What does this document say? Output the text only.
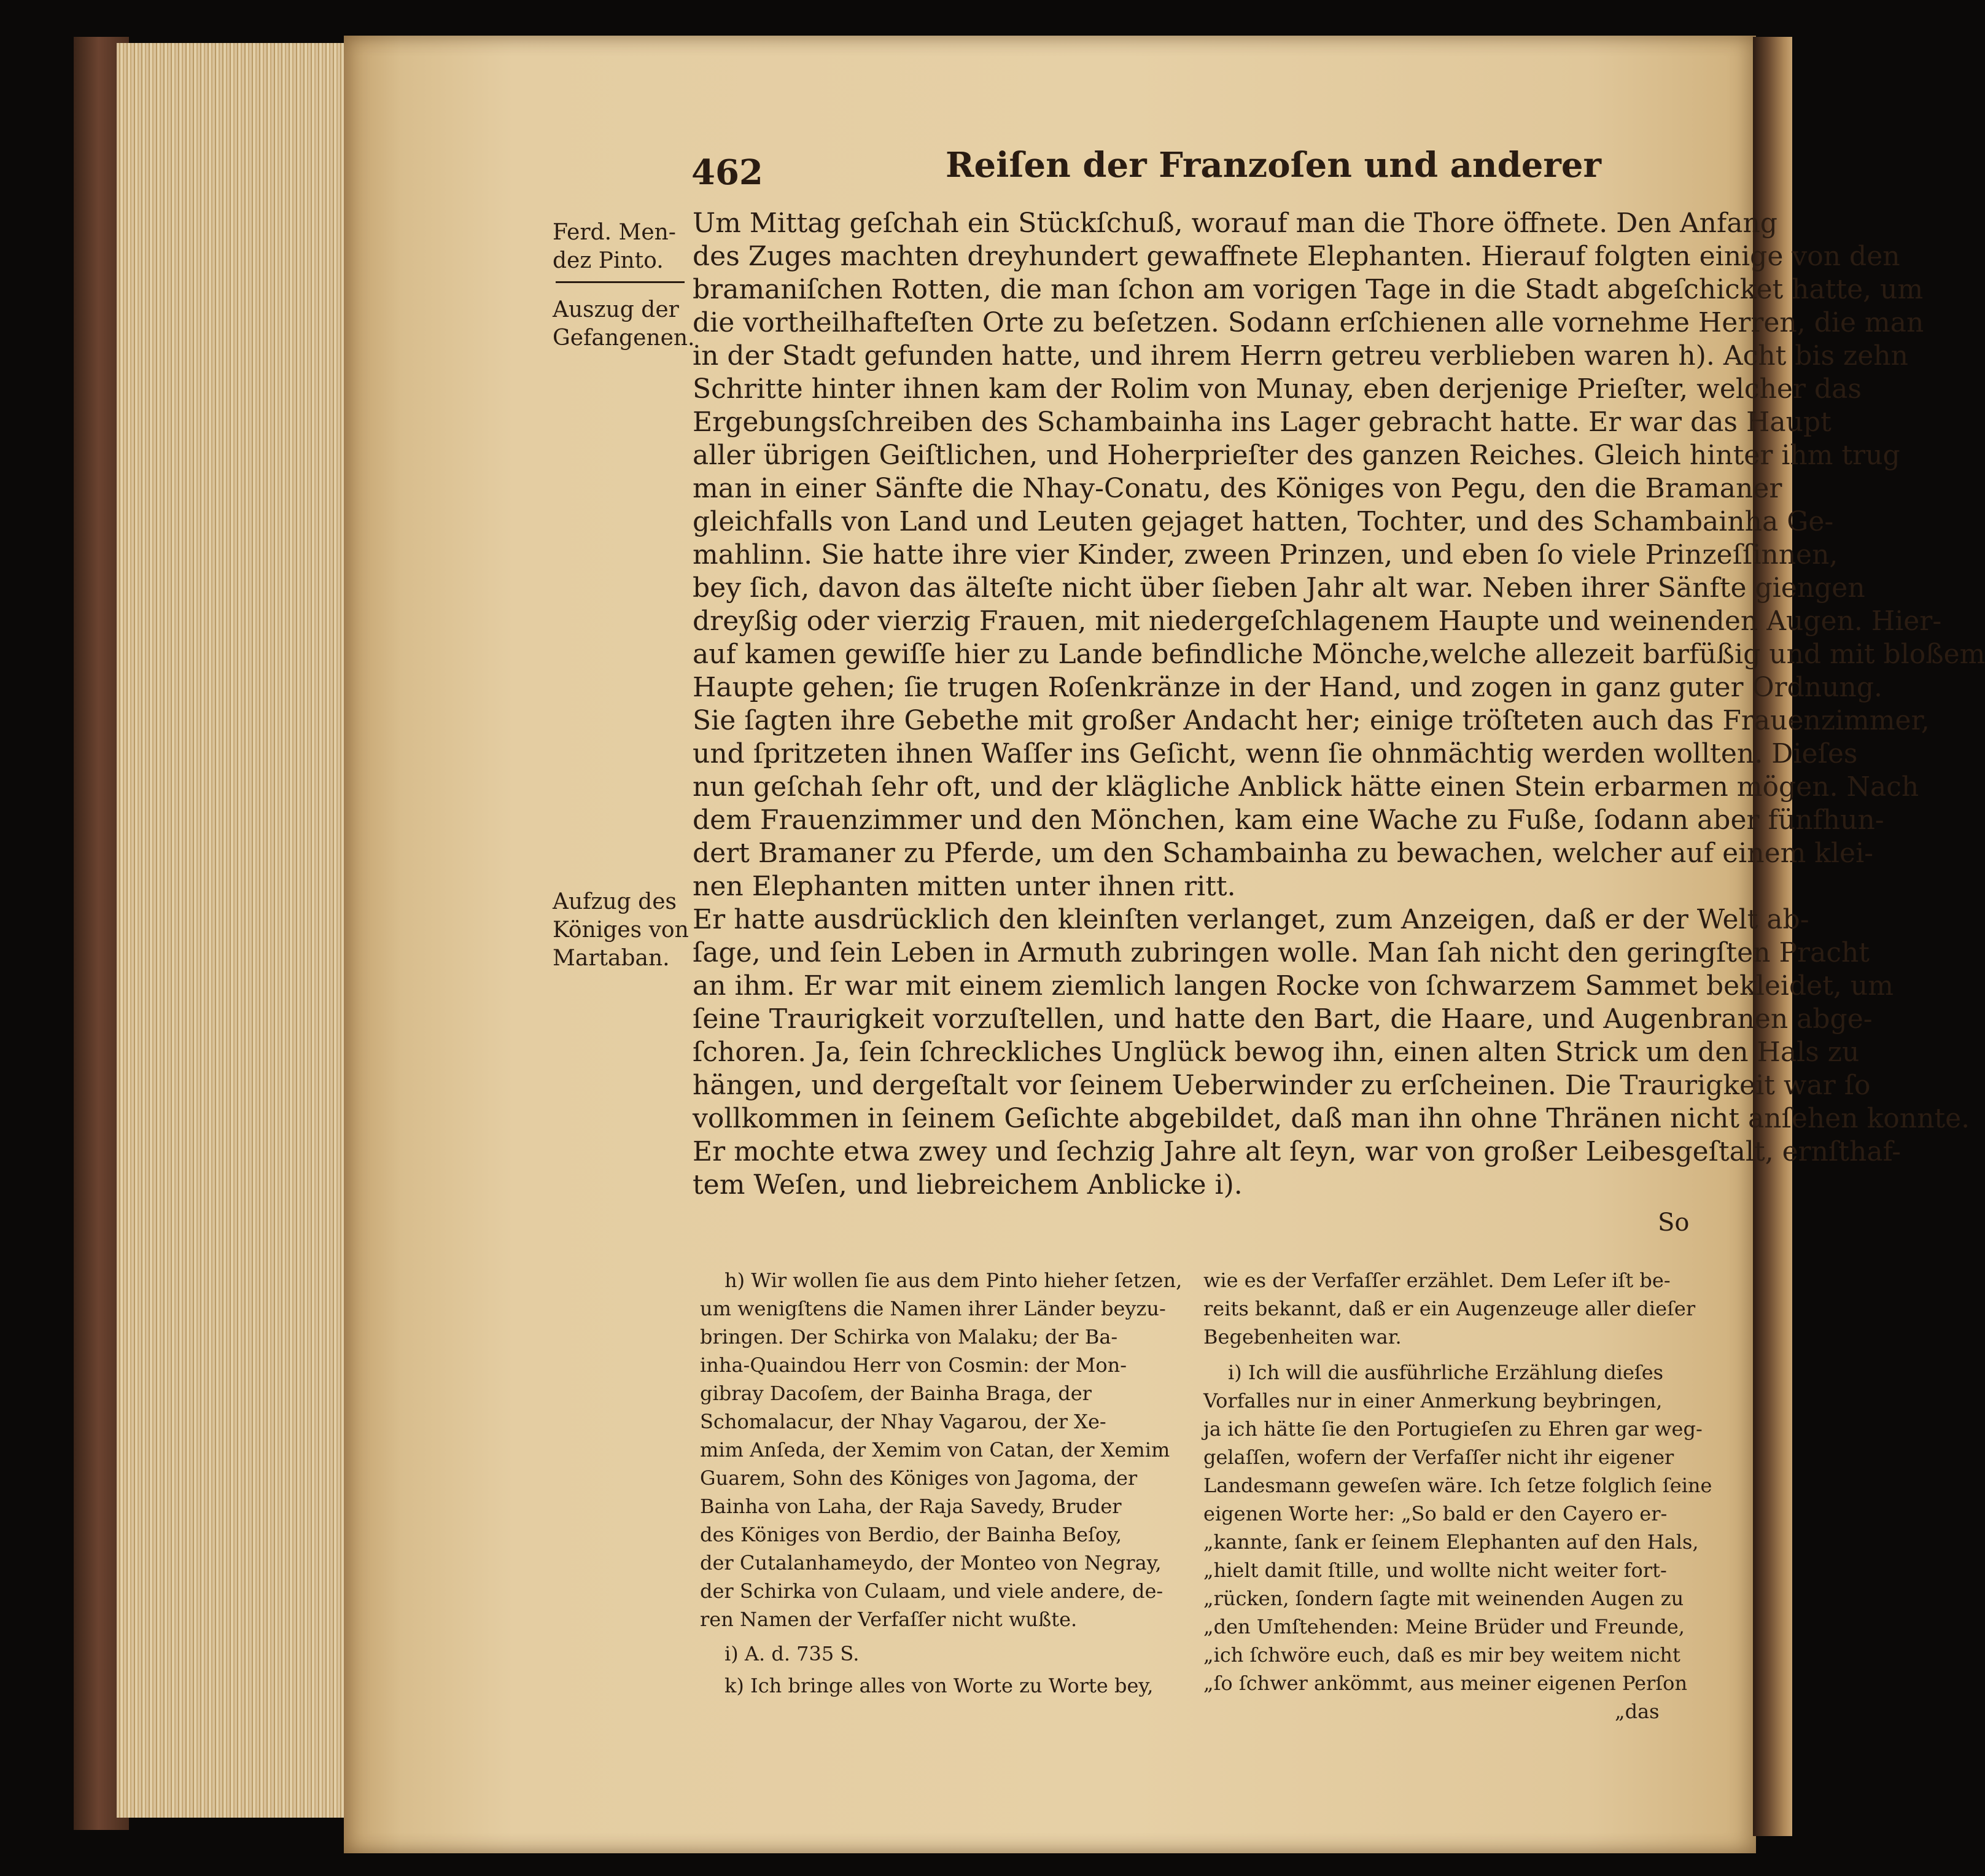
462	Reiſen der Franzoſen und anderer
Ferd. Men-
dez Pinto.
Auszug der
Gefangenen.
Aufzug des
Königes von
Martaban.
Um Mittag geſchah ein Stückſchuß, worauf man die Thore öffnete. Den Anfang
des Zuges machten dreyhundert gewaffnete Elephanten. Hierauf folgten einige von den
bramaniſchen Rotten, die man ſchon am vorigen Tage in die Stadt abgeſchicket hatte, um
die vortheilhafteſten Orte zu beſetzen. Sodann erſchienen alle vornehme Herren, die man
in der Stadt gefunden hatte, und ihrem Herrn getreu verblieben waren h). Acht bis zehn
Schritte hinter ihnen kam der Rolim von Munay, eben derjenige Prieſter, welcher das
Ergebungsſchreiben des Schambainha ins Lager gebracht hatte. Er war das Haupt
aller übrigen Geiſtlichen, und Hoherprieſter des ganzen Reiches. Gleich hinter ihm trug
man in einer Sänfte die Nhay-Conatu, des Königes von Pegu, den die Bramaner
gleichfalls von Land und Leuten gejaget hatten, Tochter, und des Schambainha Ge-
mahlinn. Sie hatte ihre vier Kinder, zween Prinzen, und eben ſo viele Prinzeſſinnen,
bey ſich, davon das älteſte nicht über ſieben Jahr alt war. Neben ihrer Sänfte giengen
dreyßig oder vierzig Frauen, mit niedergeſchlagenem Haupte und weinenden Augen. Hier-
auf kamen gewiſſe hier zu Lande befindliche Mönche,welche allezeit barfüßig und mit bloßem
Haupte gehen; ſie trugen Roſenkränze in der Hand, und zogen in ganz guter Ordnung.
Sie ſagten ihre Gebethe mit großer Andacht her; einige tröſteten auch das Frauenzimmer,
und ſpritzeten ihnen Waſſer ins Geſicht, wenn ſie ohnmächtig werden wollten. Dieſes
nun geſchah ſehr oft, und der klägliche Anblick hätte einen Stein erbarmen mögen. Nach
dem Frauenzimmer und den Mönchen, kam eine Wache zu Fuße, ſodann aber fünfhun-
dert Bramaner zu Pferde, um den Schambainha zu bewachen, welcher auf einem klei-
nen Elephanten mitten unter ihnen ritt.
Er hatte ausdrücklich den kleinſten verlanget, zum Anzeigen, daß er der Welt ab-
ſage, und ſein Leben in Armuth zubringen wolle. Man ſah nicht den geringſten Pracht
an ihm. Er war mit einem ziemlich langen Rocke von ſchwarzem Sammet bekleidet, um
ſeine Traurigkeit vorzuſtellen, und hatte den Bart, die Haare, und Augenbranen abge-
ſchoren. Ja, ſein ſchreckliches Unglück bewog ihn, einen alten Strick um den Hals zu
hängen, und dergeſtalt vor ſeinem Ueberwinder zu erſcheinen. Die Traurigkeit war ſo
vollkommen in ſeinem Geſichte abgebildet, daß man ihn ohne Thränen nicht anſehen konnte.
Er mochte etwa zwey und ſechzig Jahre alt ſeyn, war von großer Leibesgeſtalt, ernſthaf-
tem Weſen, und liebreichem Anblicke i).
So
h) Wir wollen ſie aus dem Pinto hieher ſetzen,
um wenigſtens die Namen ihrer Länder beyzu-
bringen. Der Schirka von Malaku; der Ba-
inha-Quaindou Herr von Cosmin: der Mon-
gibray Dacoſem, der Bainha Braga, der
Schomalacur, der Nhay Vagarou, der Xe-
mim Anſeda, der Xemim von Catan, der Xemim
Guarem, Sohn des Königes von Jagoma, der
Bainha von Laha, der Raja Savedy, Bruder
des Königes von Berdio, der Bainha Beſoy,
der Cutalanhameydo, der Monteo von Negray,
der Schirka von Culaam, und viele andere, de-
ren Namen der Verfaſſer nicht wußte.
i) A. d. 735 S.
k) Ich bringe alles von Worte zu Worte bey,
wie es der Verfaſſer erzählet. Dem Leſer iſt be-
reits bekannt, daß er ein Augenzeuge aller dieſer
Begebenheiten war.
i) Ich will die ausführliche Erzählung dieſes
Vorfalles nur in einer Anmerkung beybringen,
ja ich hätte ſie den Portugieſen zu Ehren gar weg-
gelaſſen, wofern der Verfaſſer nicht ihr eigener
Landesmann geweſen wäre. Ich ſetze folglich ſeine
eigenen Worte her: „So bald er den Cayero er-
„kannte, ſank er ſeinem Elephanten auf den Hals,
„hielt damit ſtille, und wollte nicht weiter fort-
„rücken, ſondern ſagte mit weinenden Augen zu
„den Umſtehenden: Meine Brüder und Freunde,
„ich ſchwöre euch, daß es mir bey weitem nicht
„ſo ſchwer ankömmt, aus meiner eigenen Perſon
„das
